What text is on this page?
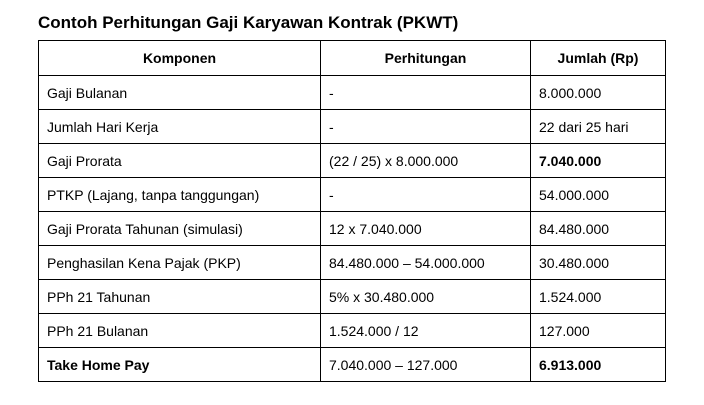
Contoh Perhitungan Gaji Karyawan Kontrak (PKWT)
Komponen	Perhitungan	Jumlah (Rp)
Gaji Bulanan	-	8.000.000
Jumlah Hari Kerja	-	22 dari 25 hari
Gaji Prorata	(22 / 25) x 8.000.000	7.040.000
PTKP (Lajang, tanpa tanggungan)	-	54.000.000
Gaji Prorata Tahunan (simulasi)	12 x 7.040.000	84.480.000
Penghasilan Kena Pajak (PKP)	84.480.000 – 54.000.000	30.480.000
PPh 21 Tahunan	5% x 30.480.000	1.524.000
PPh 21 Bulanan	1.524.000 / 12	127.000
Take Home Pay	7.040.000 – 127.000	6.913.000
